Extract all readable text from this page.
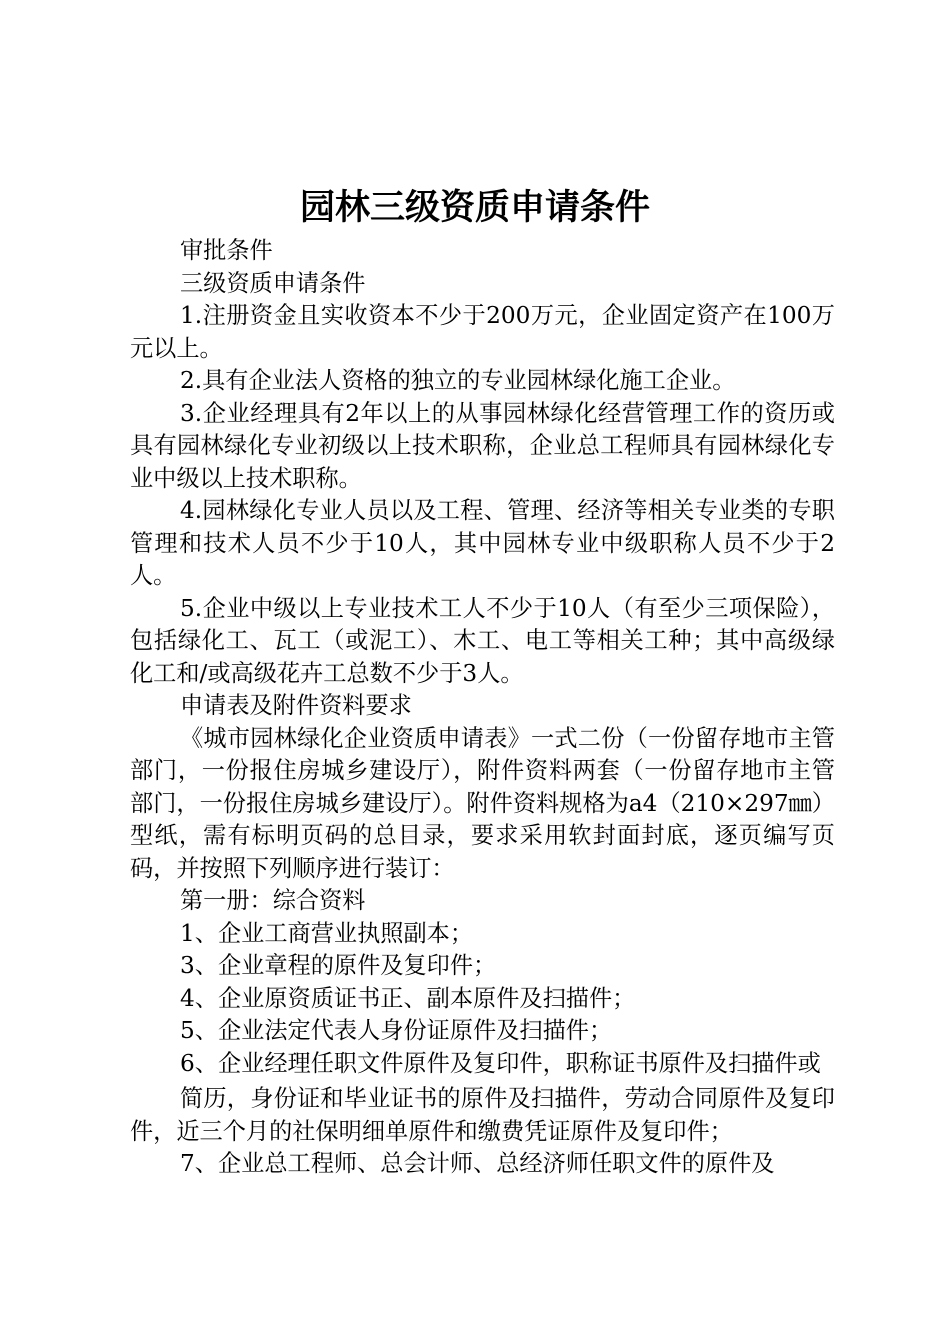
园林三级资质申请条件

审批条件

三级资质申请条件

1.注册资金且实收资本不少于200万元，企业固定资产在100万元以上。

2.具有企业法人资格的独立的专业园林绿化施工企业。

3.企业经理具有2年以上的从事园林绿化经营管理工作的资历或具有园林绿化专业初级以上技术职称，企业总工程师具有园林绿化专业中级以上技术职称。

4.园林绿化专业人员以及工程、管理、经济等相关专业类的专职管理和技术人员不少于10人，其中园林专业中级职称人员不少于2人。

5.企业中级以上专业技术工人不少于10人（有至少三项保险），包括绿化工、瓦工（或泥工）、木工、电工等相关工种；其中高级绿化工和/或高级花卉工总数不少于3人。

申请表及附件资料要求

《城市园林绿化企业资质申请表》一式二份（一份留存地市主管部门，一份报住房城乡建设厅），附件资料两套（一份留存地市主管部门，一份报住房城乡建设厅）。附件资料规格为a4（210×297㎜）型纸，需有标明页码的总目录，要求采用软封面封底，逐页编写页码，并按照下列顺序进行装订：

第一册：综合资料

1、企业工商营业执照副本；

3、企业章程的原件及复印件；

4、企业原资质证书正、副本原件及扫描件；

5、企业法定代表人身份证原件及扫描件；

6、企业经理任职文件原件及复印件，职称证书原件及扫描件或

简历，身份证和毕业证书的原件及扫描件，劳动合同原件及复印件，近三个月的社保明细单原件和缴费凭证原件及复印件；

7、企业总工程师、总会计师、总经济师任职文件的原件及
